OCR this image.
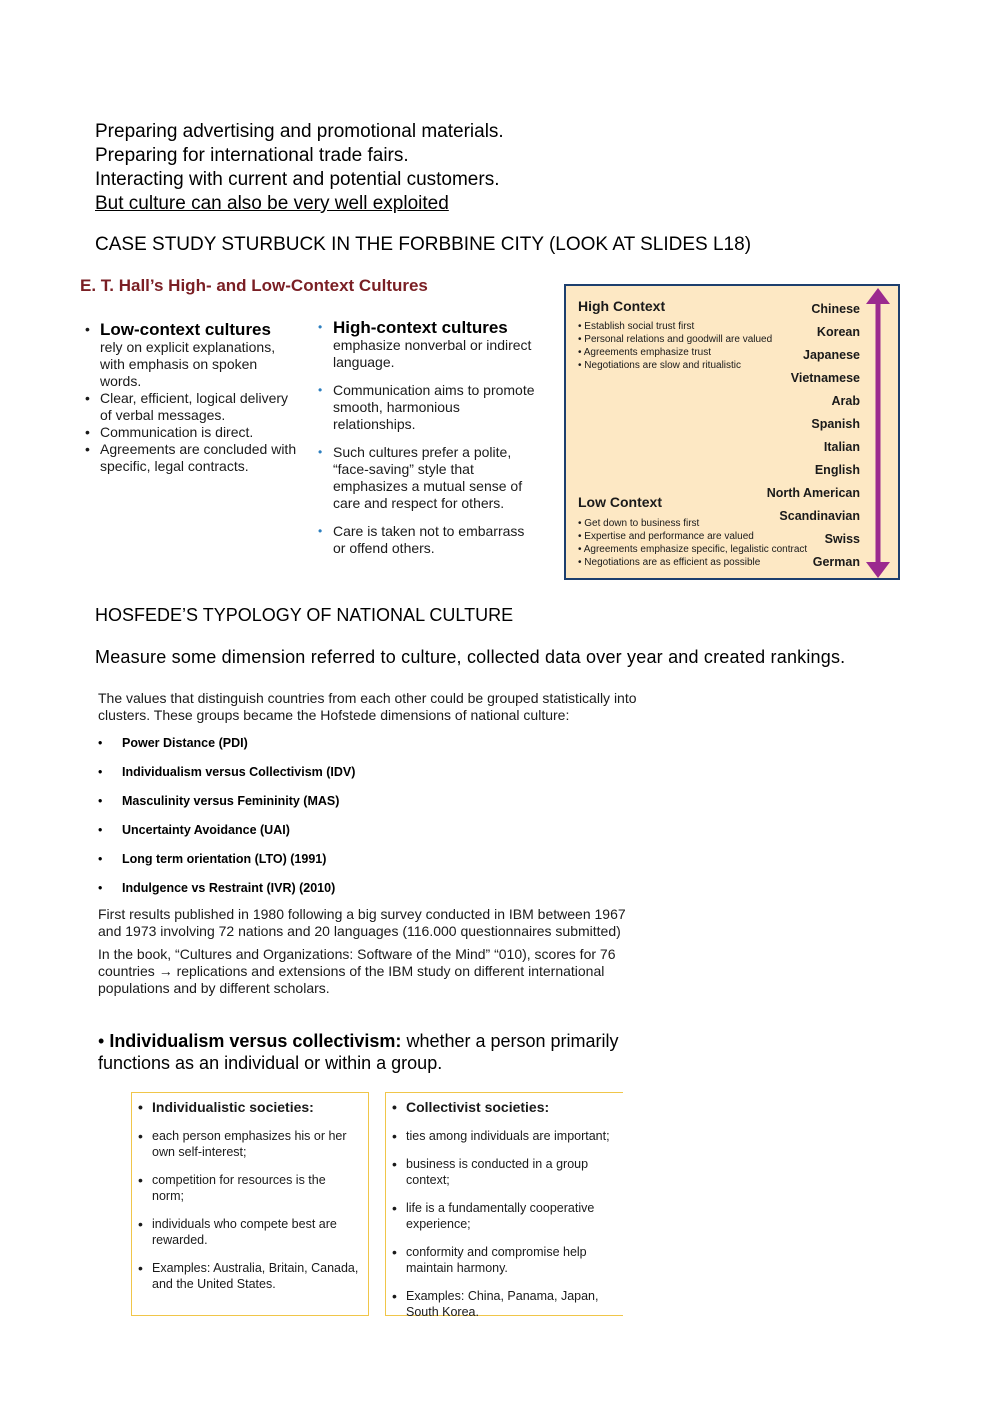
Preparing advertising and promotional materials.
Preparing for international trade fairs.
Interacting with current and potential customers.
But culture can also be very well exploited
CASE STUDY STURBUCK IN THE FORBBINE CITY (LOOK AT SLIDES L18)
E. T. Hall’s High- and Low-Context Cultures
• Low-context cultures
rely on explicit explanations, with emphasis on spoken words.
• Clear, efficient, logical delivery of verbal messages.
• Communication is direct.
• Agreements are concluded with specific, legal contracts.
• High-context cultures
emphasize nonverbal or indirect language.
• Communication aims to promote smooth, harmonious relationships.
• Such cultures prefer a polite, “face-saving” style that emphasizes a mutual sense of care and respect for others.
• Care is taken not to embarrass or offend others.
High Context
• Establish social trust first
• Personal relations and goodwill are valued
• Agreements emphasize trust
• Negotiations are slow and ritualistic
Low Context
• Get down to business first
• Expertise and performance are valued
• Agreements emphasize specific, legalistic contract
• Negotiations are as efficient as possible
Chinese
Korean
Japanese
Vietnamese
Arab
Spanish
Italian
English
North American
Scandinavian
Swiss
German
HOSFEDE’S TYPOLOGY OF NATIONAL CULTURE
Measure some dimension referred to culture, collected data over year and created rankings.
The values that distinguish countries from each other could be grouped statistically into clusters. These groups became the Hofstede dimensions of national culture:
• Power Distance (PDI)
• Individualism versus Collectivism (IDV)
• Masculinity versus Femininity (MAS)
• Uncertainty Avoidance (UAI)
• Long term orientation (LTO) (1991)
• Indulgence vs Restraint (IVR) (2010)
First results published in 1980 following a big survey conducted in IBM between 1967 and 1973 involving 72 nations and 20 languages (116.000 questionnaires submitted)
In the book, “Cultures and Organizations: Software of the Mind” “010), scores for 76 countries → replications and extensions of the IBM study on different international populations and by different scholars.
• Individualism versus collectivism: whether a person primarily functions as an individual or within a group.
• Individualistic societies:
• each person emphasizes his or her own self-interest;
• competition for resources is the norm;
• individuals who compete best are rewarded.
• Examples: Australia, Britain, Canada, and the United States.
• Collectivist societies:
• ties among individuals are important;
• business is conducted in a group context;
• life is a fundamentally cooperative experience;
• conformity and compromise help maintain harmony.
• Examples: China, Panama, Japan, South Korea.
